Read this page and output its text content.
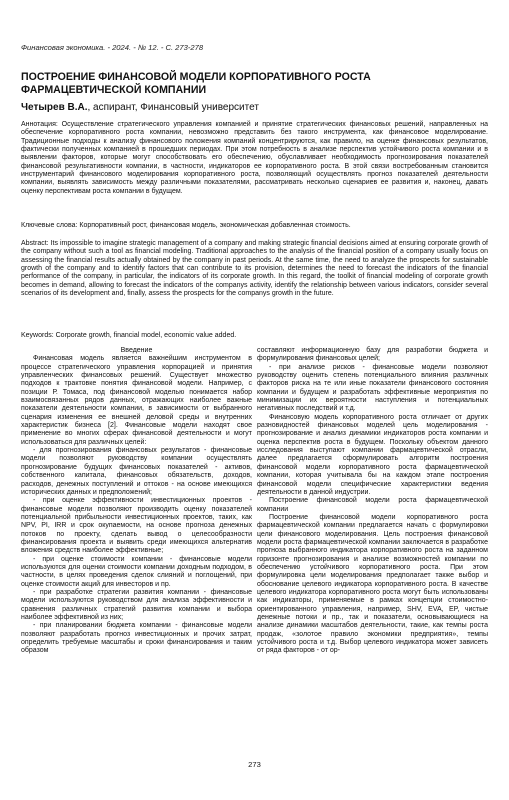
Финансовая экономика. - 2024. - № 12. - С. 273-278
ПОСТРОЕНИЕ ФИНАНСОВОЙ МОДЕЛИ КОРПОРАТИВНОГО РОСТА ФАРМАЦЕВТИЧЕСКОЙ КОМПАНИИ
Четырев В.А., аспирант, Финансовый университет
Аннотация: Осуществление стратегического управления компанией и принятие стратегических финансовых решений, направленных на обеспечение корпоративного роста компании, невозможно представить без такого инструмента, как финансовое моделирование. Традиционные подходы к анализу финансового положения компаний концентрируются, как правило, на оценке финансовых результатов, фактически полученных компанией в прошедших периодах. При этом потребность в анализе перспектив устойчивого роста компании и в выявлении факторов, которые могут способствовать его обеспечению, обуславливает необходимость прогнозирования показателей финансовой результативности компании, в частности, индикаторов ее корпоративного роста. В этой связи востребованным становится инструментарий финансового моделирования корпоративного роста, позволяющий осуществлять прогноз показателей деятельности компании, выявлять зависимость между различными показателями, рассматривать несколько сценариев ее развития и, наконец, давать оценку перспективам роста компании в будущем.
Ключевые слова: Корпоративный рост, финансовая модель, экономическая добавленная стоимость.
Abstract: Its impossible to imagine strategic management of a company and making strategic financial decisions aimed at ensuring corporate growth of the company without such a tool as financial modeling. Traditional approaches to the analysis of the financial position of a company usually focus on assessing the financial results actually obtained by the company in past periods. At the same time, the need to analyze the prospects for sustainable growth of the company and to identify factors that can contribute to its provision, determines the need to forecast the indicators of the financial performance of the company, in particular, the indicators of its corporate growth. In this regard, the toolkit of financial modeling of corporate growth becomes in demand, allowing to forecast the indicators of the companys activity, identify the relationship between various indicators, consider several scenarios of its development and, finally, assess the prospects for the companys growth in the future.
Keywords: Corporate growth, financial model, economic value added.

Введение

Финансовая модель является важнейшим инструментом в процессе стратегического управления корпорацией и принятия управленческих финансовых решений. Существует множество подходов к трактовке понятия финансовой модели. Например, с позиции Р. Томаса, под финансовой моделью понимается набор взаимосвязанных рядов данных, отражающих наиболее важные показатели деятельности компании, в зависимости от выбранного сценария изменения ее внешней деловой среды и внутренних характеристик бизнеса [2]. Финансовые модели находят свое применение во многих сферах финансовой деятельности и могут использоваться для различных целей:

- для прогнозирования финансовых результатов - финансовые модели позволяют руководству компании осуществлять прогнозирование будущих финансовых показателей - активов, собственного капитала, финансовых обязательств, доходов, расходов, денежных поступлений и оттоков - на основе имеющихся исторических данных и предположений;

- при оценке эффективности инвестиционных проектов - финансовые модели позволяют производить оценку показателей потенциальной прибыльности инвестиционных проектов, таких, как NPV, PI, IRR и срок окупаемости, на основе прогноза денежных потоков по проекту, сделать вывод о целесообразности финансирования проекта и выявить среди имеющихся альтернатив вложения средств наиболее эффективные;

- при оценке стоимости компании - финансовые модели используются для оценки стоимости компании доходным подходом, в частности, в целях проведения сделок слияний и поглощений, при оценке стоимости акций для инвесторов и пр.

- при разработке стратегии развития компании - финансовые модели используются руководством для анализа эффективности и сравнения различных стратегий развития компании и выбора наиболее эффективной из них;

- при планировании бюджета компании - финансовые модели позволяют разработать прогноз инвестиционных и прочих затрат, определить требуемые масштабы и сроки финансирования и таким образом

составляют информационную базу для разработки бюджета и формулирования финансовых целей;

- при анализе рисков - финансовые модели позволяют руководству оценить степень потенциального влияния различных факторов риска на те или иные показатели финансового состояния компании и будущем и разработать эффективные мероприятия по минимизации их вероятности наступления и потенциальных негативных последствий и т.д.

Финансовую модель корпоративного роста отличает от других разновидностей финансовых моделей цель моделирования - прогнозирование и анализ динамики индикаторов роста компании и оценка перспектив роста в будущем. Поскольку объектом данного исследования выступают компании фармацевтической отрасли, далее предлагается сформулировать алгоритм построения финансовой модели корпоративного роста фармацевтической компании, которая учитывала бы на каждом этапе построения финансовой модели специфические характеристики ведения деятельности в данной индустрии.

Построение финансовой модели роста фармацевтической компании

Построение финансовой модели корпоративного роста фармацевтической компании предлагается начать с формулировки цели финансового моделирования. Цель построения финансовой модели роста фармацевтической компании заключается в разработке прогноза выбранного индикатора корпоративного роста на заданном горизонте прогнозирования и анализе возможностей компании по обеспечению устойчивого корпоративного роста. При этом формулировка цели моделирования предполагает также выбор и обоснование целевого индикатора корпоративного роста. В качестве целевого индикатора корпоративного роста могут быть использованы как индикаторы, применяемые в рамках концепции стоимостно-ориентированного управления, например, SHV, EVA, EP, чистые денежные потоки и пр., так и показатели, основывающиеся на анализе динамики масштабов деятельности, такие, как темпы роста продаж, «золотое правило экономики предприятия», темпы устойчивого роста и т.д. Выбор целевого индикатора может зависеть от ряда факторов - от ор-

273
